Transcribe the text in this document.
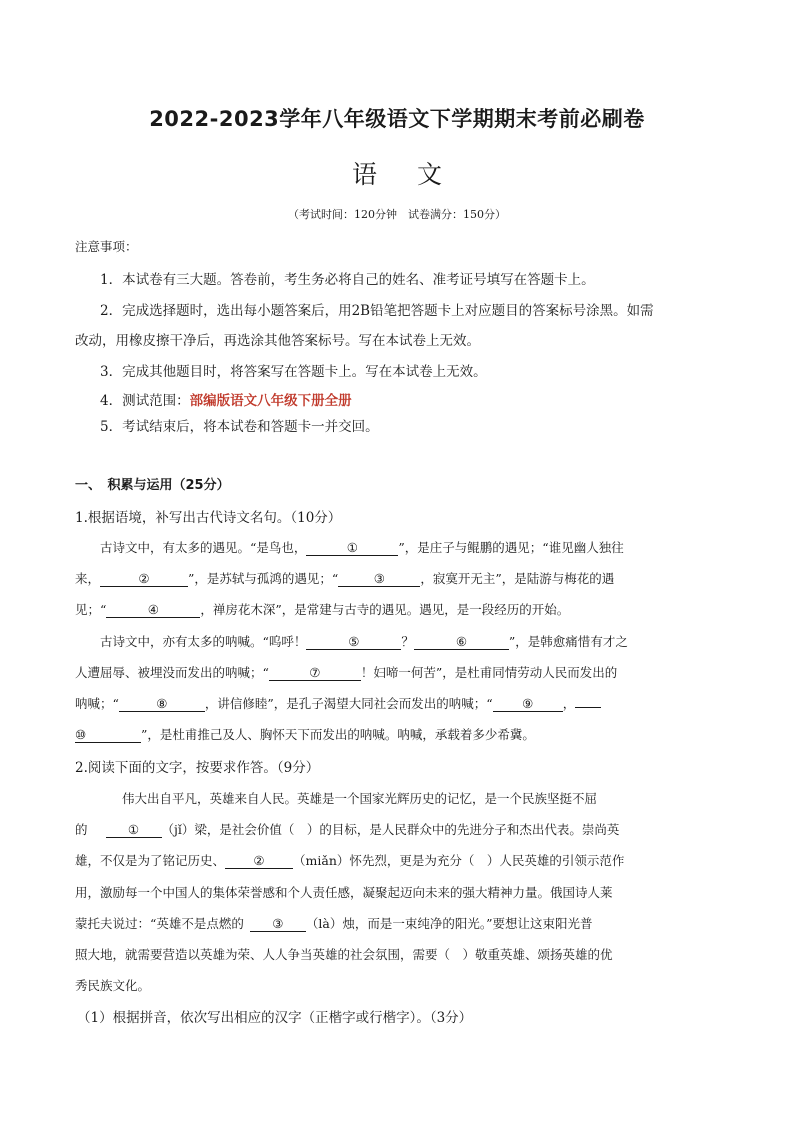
2022-2023学年八年级语文下学期期末考前必刷卷
语 文
（考试时间：120分钟　试卷满分：150分）
注意事项：
1．本试卷有三大题。答卷前，考生务必将自己的姓名、准考证号填写在答题卡上。
2．完成选择题时，选出每小题答案后，用2B铅笔把答题卡上对应题目的答案标号涂黑。如需
改动，用橡皮擦干净后，再选涂其他答案标号。写在本试卷上无效。
3．完成其他题目时，将答案写在答题卡上。写在本试卷上无效。
4．测试范围：部编版语文八年级下册全册
5．考试结束后，将本试卷和答题卡一并交回。
一、　积累与运用（25分）
1.根据语境，补写出古代诗文名句。（10分）
古诗文中，有太多的遇见。“是鸟也，	①	”，是庄子与鲲鹏的遇见；“谁见幽人独往
来，	②	”，是苏轼与孤鸿的遇见；“	③	，寂寞开无主”，是陆游与梅花的遇
见；“	④	，禅房花木深”，是常建与古寺的遇见。遇见，是一段经历的开始。
古诗文中，亦有太多的呐喊。“呜呼！	⑤	？	⑥	”，是韩愈痛惜有才之
人遭屈辱、被埋没而发出的呐喊；“	⑦	！妇啼一何苦”，是杜甫同情劳动人民而发出的
呐喊；“	⑧	，讲信修睦”，是孔子渴望大同社会而发出的呐喊；“ ⑨ ，
⑩	”，是杜甫推己及人、胸怀天下而发出的呐喊。呐喊，承载着多少希冀。
2.阅读下面的文字，按要求作答。（9分）
伟大出自平凡，英雄来自人民。英雄是一个国家光辉历史的记忆，是一个民族坚挺不屈
的	① （jǐ）梁，是社会价值（　）的目标，是人民群众中的先进分子和杰出代表。崇尚英
雄，不仅是为了铭记历史、 ② （miǎn）怀先烈，更是为充分（　）人民英雄的引领示范作
用，激励每一个中国人的集体荣誉感和个人责任感，凝聚起迈向未来的强大精神力量。俄国诗人莱
蒙托夫说过：“英雄不是点燃的 ③ （là）烛，而是一束纯净的阳光。”要想让这束阳光普
照大地，就需要营造以英雄为荣、人人争当英雄的社会氛围，需要（　）敬重英雄、颂扬英雄的优
秀民族文化。
（1）根据拼音，依次写出相应的汉字（正楷字或行楷字）。（3分）
